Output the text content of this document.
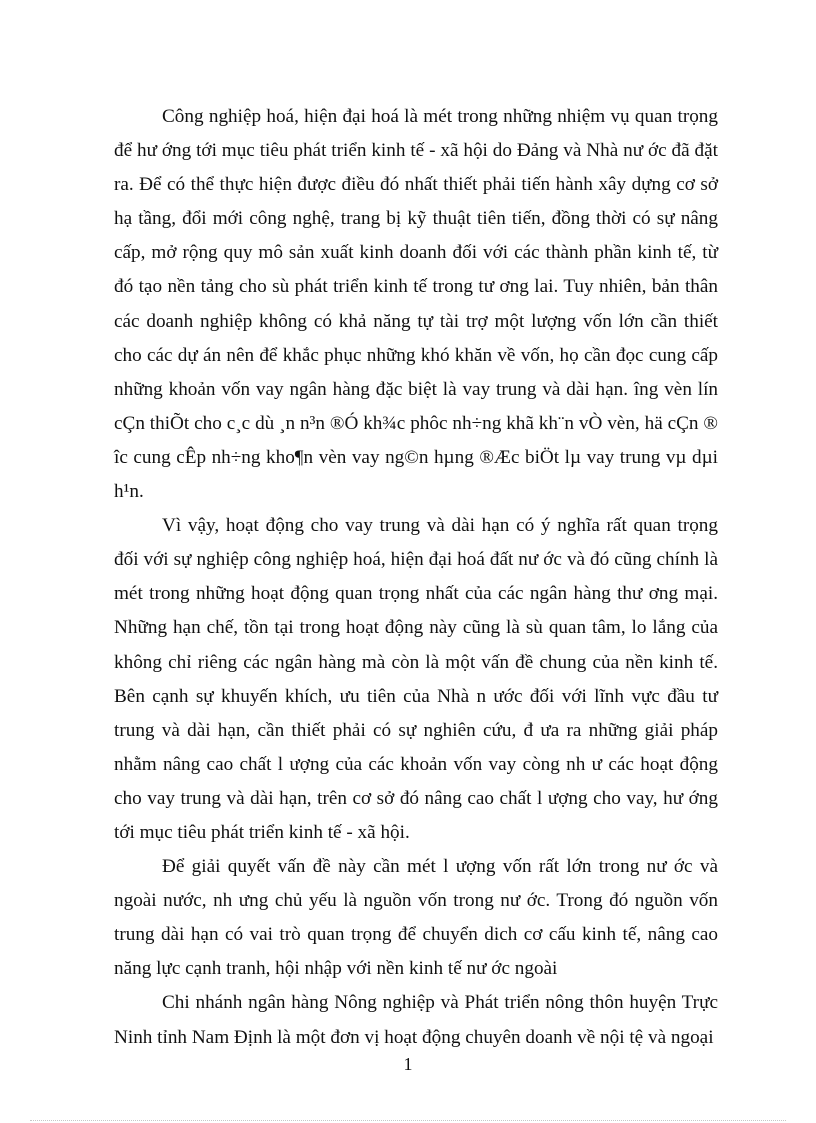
Công nghiệp hoá, hiện đại hoá là mét trong những nhiệm vụ quan trọng để hư ớng tới mục tiêu phát triển kinh tế - xã hội do Đảng và Nhà nư ớc đã đặt ra. Để có thể thực hiện được điều đó nhất thiết phải tiến hành xây dựng cơ sở hạ tầng, đổi mới công nghệ, trang bị kỹ thuật tiên tiến, đồng thời có sự nâng cấp, mở rộng quy mô sản xuất kinh doanh đối với các thành phần kinh tế, từ đó tạo nền tảng cho sù phát triển kinh tế trong tư ơng lai. Tuy nhiên, bản thân các doanh nghiệp không có khả năng tự tài trợ một lượng vốn lớn cần thiết cho các dự án nên để khắc phục những khó khăn về vốn, họ cần đọc cung cấp những khoản vốn vay ngân hàng đặc biệt là vay trung và dài hạn. îng vèn lín cÇn thiÕt cho c¸c dù ¸n n³n ®Ó kh¾c phôc nh÷ng khã kh¨n vÒ vèn, hä cÇn ® îc cung cÊp nh÷ng kho¶n vèn vay ng©n hµng ®Æc biÖt lµ vay trung vµ dµi h¹n.

Vì vậy, hoạt động cho vay trung và dài hạn có ý nghĩa rất quan trọng đối với sự nghiệp công nghiệp hoá, hiện đại hoá đất nư ớc và đó cũng chính là mét trong những hoạt động quan trọng nhất của các ngân hàng thư ơng mại. Những hạn chế, tồn tại trong hoạt động này cũng là sù quan tâm, lo lắng của không chỉ riêng các ngân hàng mà còn là một vấn đề chung của nền kinh tế. Bên cạnh sự khuyến khích, ưu tiên của Nhà n ước đối với lĩnh vực đầu tư trung và dài hạn, cần thiết phải có sự nghiên cứu, đ ưa ra những giải pháp nhằm nâng cao chất l ượng của các khoản vốn vay còng nh ư các hoạt động cho vay trung và dài hạn, trên cơ sở đó nâng cao chất l ượng cho vay, hư ớng tới mục tiêu phát triển kinh tế - xã hội.

Để giải quyết vấn đề này cần mét l ượng vốn rất lớn trong nư ớc và ngoài nước, nh ưng chủ yếu là nguồn vốn trong nư ớc. Trong đó nguồn vốn trung dài hạn có vai trò quan trọng để chuyển dich cơ cấu kinh tế, nâng cao năng lực cạnh tranh, hội nhập với nền kinh tế nư ớc ngoài

Chi nhánh ngân hàng Nông nghiệp và Phát triển nông thôn huyện Trực Ninh tỉnh Nam Định là một đơn vị hoạt động chuyên doanh về nội tệ và ngoại

1
